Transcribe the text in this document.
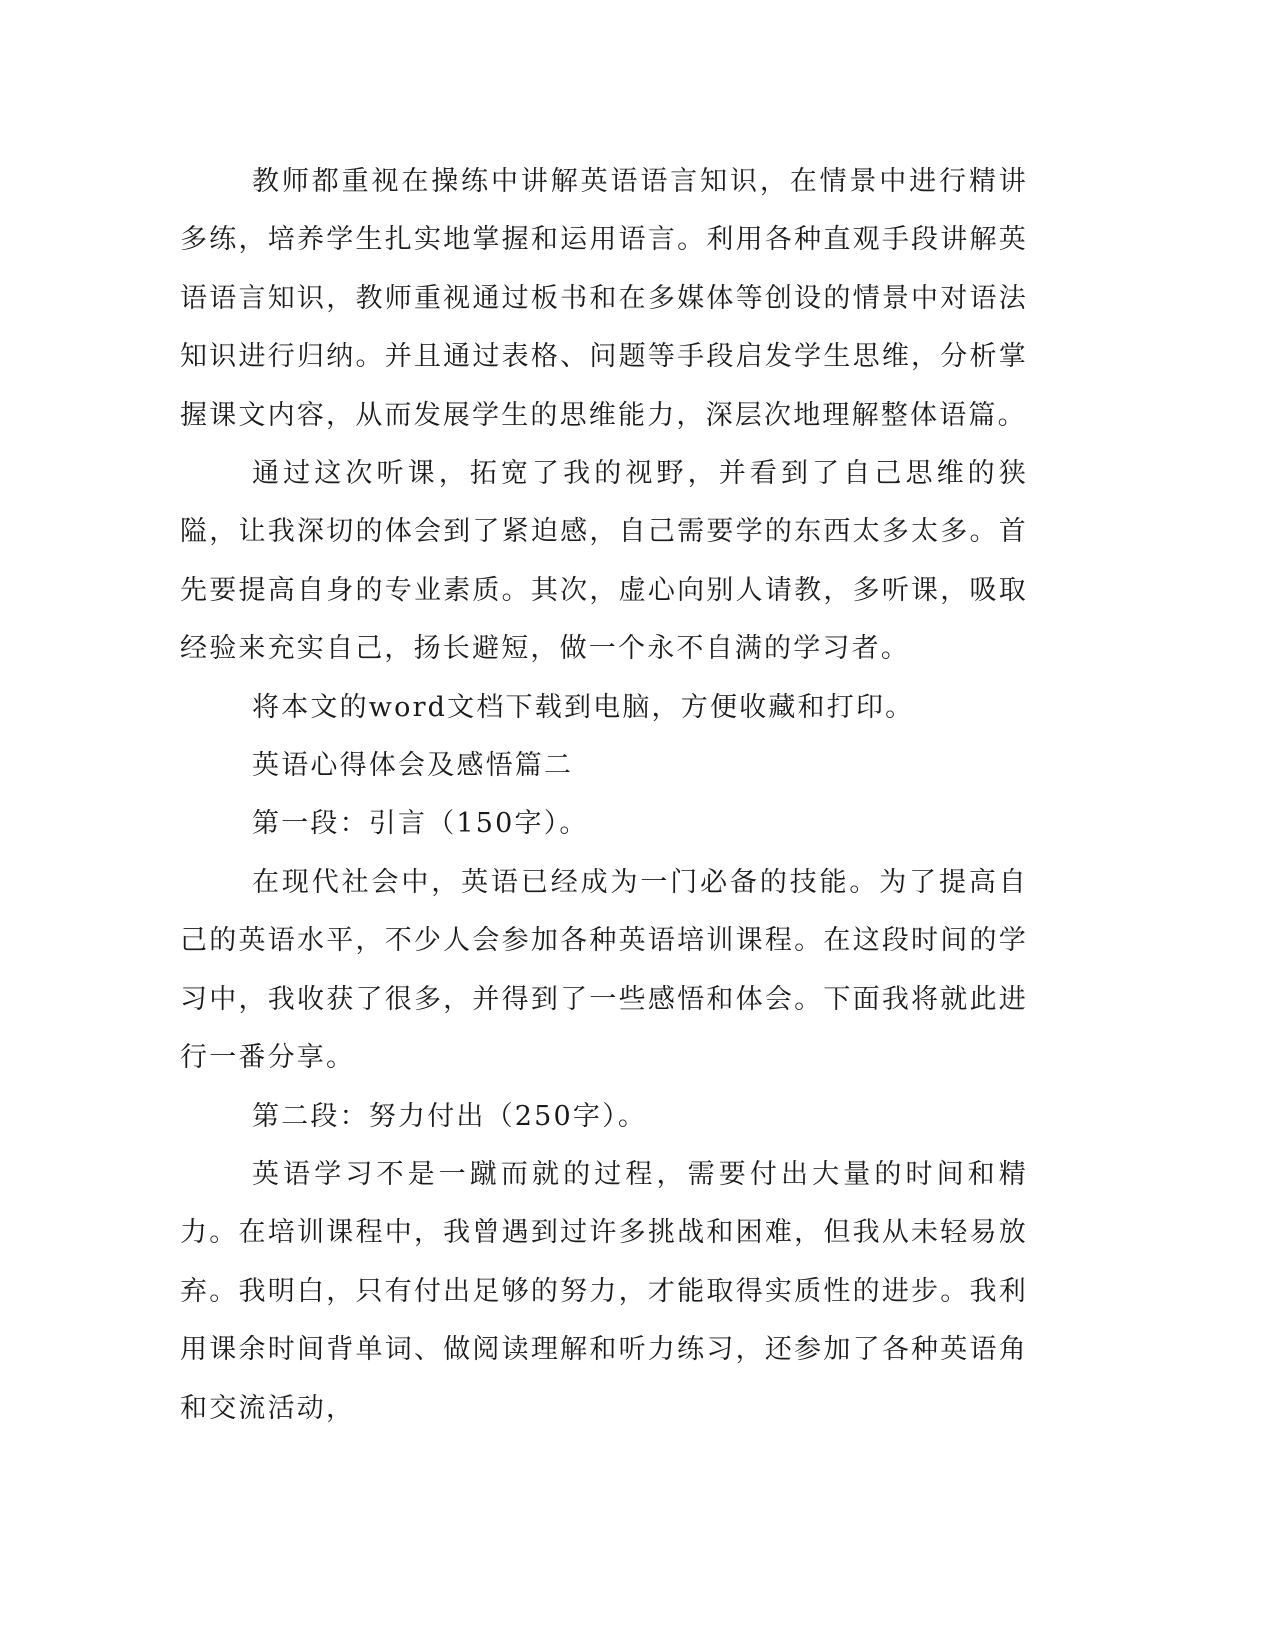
教师都重视在操练中讲解英语语言知识，在情景中进行精讲多练，培养学生扎实地掌握和运用语言。利用各种直观手段讲解英语语言知识，教师重视通过板书和在多媒体等创设的情景中对语法知识进行归纳。并且通过表格、问题等手段启发学生思维，分析掌握课文内容，从而发展学生的思维能力，深层次地理解整体语篇。

通过这次听课，拓宽了我的视野，并看到了自己思维的狭隘，让我深切的体会到了紧迫感，自己需要学的东西太多太多。首先要提高自身的专业素质。其次，虚心向别人请教，多听课，吸取经验来充实自己，扬长避短，做一个永不自满的学习者。

将本文的word文档下载到电脑，方便收藏和打印。

英语心得体会及感悟篇二

第一段：引言（150字）。

在现代社会中，英语已经成为一门必备的技能。为了提高自己的英语水平，不少人会参加各种英语培训课程。在这段时间的学习中，我收获了很多，并得到了一些感悟和体会。下面我将就此进行一番分享。

第二段：努力付出（250字）。

英语学习不是一蹴而就的过程，需要付出大量的时间和精力。在培训课程中，我曾遇到过许多挑战和困难，但我从未轻易放弃。我明白，只有付出足够的努力，才能取得实质性的进步。我利用课余时间背单词、做阅读理解和听力练习，还参加了各种英语角和交流活动，
